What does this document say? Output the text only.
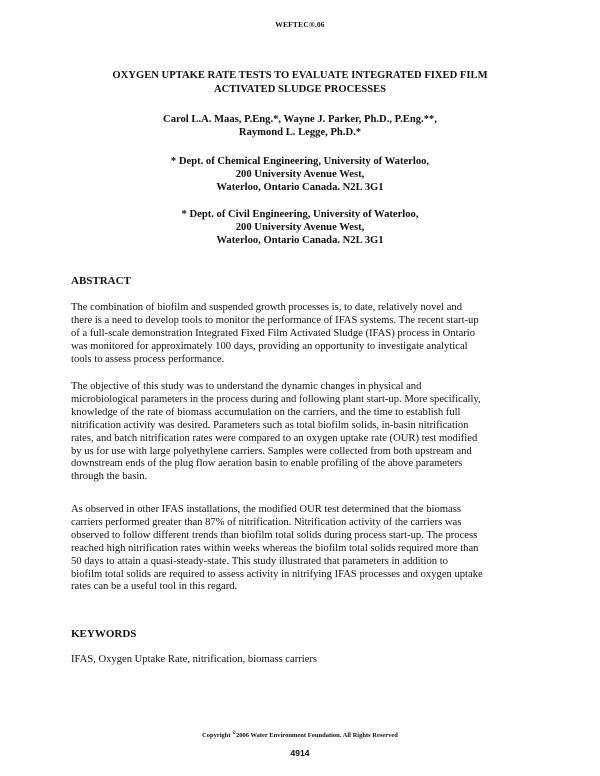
WEFTEC®.06
OXYGEN UPTAKE RATE TESTS TO EVALUATE INTEGRATED FIXED FILM
ACTIVATED SLUDGE PROCESSES
Carol L.A. Maas, P.Eng.*, Wayne J. Parker, Ph.D., P.Eng.**,
Raymond L. Legge, Ph.D.*
* Dept. of Chemical Engineering, University of Waterloo,
200 University Avenue West,
Waterloo, Ontario Canada. N2L 3G1
* Dept. of Civil Engineering, University of Waterloo,
200 University Avenue West,
Waterloo, Ontario Canada. N2L 3G1
ABSTRACT
The combination of biofilm and suspended growth processes is, to date, relatively novel and
there is a need to develop tools to monitor the performance of IFAS systems. The recent start-up
of a full-scale demonstration Integrated Fixed Film Activated Sludge (IFAS) process in Ontario
was monitored for approximately 100 days, providing an opportunity to investigate analytical
tools to assess process performance.
The objective of this study was to understand the dynamic changes in physical and
microbiological parameters in the process during and following plant start-up. More specifically,
knowledge of the rate of biomass accumulation on the carriers, and the time to establish full
nitrification activity was desired. Parameters such as total biofilm solids, in-basin nitrification
rates, and batch nitrification rates were compared to an oxygen uptake rate (OUR) test modified
by us for use with large polyethylene carriers. Samples were collected from both upstream and
downstream ends of the plug flow aeration basin to enable profiling of the above parameters
through the basin.
As observed in other IFAS installations, the modified OUR test determined that the biomass
carriers performed greater than 87% of nitrification. Nitrification activity of the carriers was
observed to follow different trends than biofilm total solids during process start-up. The process
reached high nitrification rates within weeks whereas the biofilm total solids required more than
50 days to attain a quasi-steady-state. This study illustrated that parameters in addition to
biofilm total solids are required to assess activity in nitrifying IFAS processes and oxygen uptake
rates can be a useful tool in this regard.
KEYWORDS
IFAS, Oxygen Uptake Rate, nitrification, biomass carriers
Copyright ©2006 Water Environment Foundation. All Rights Reserved
4914
